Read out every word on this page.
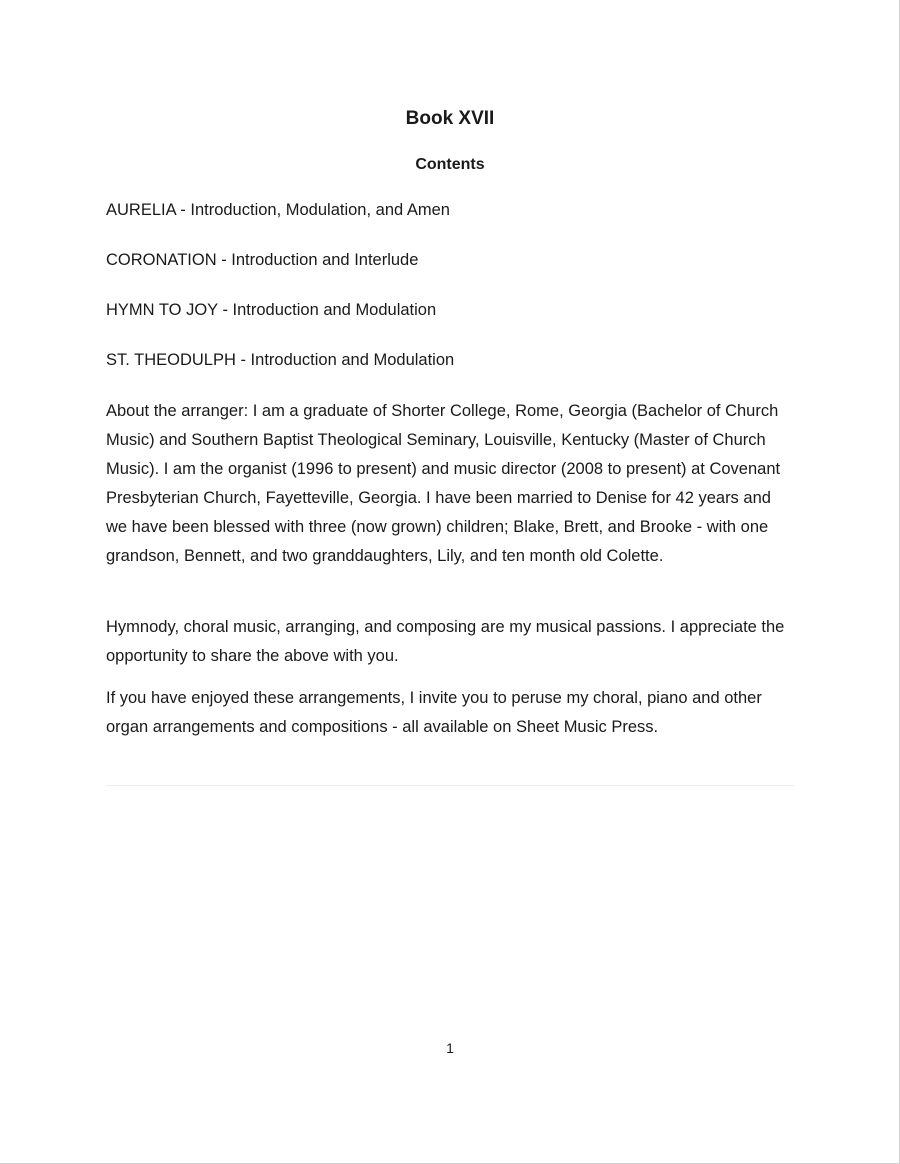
Book XVII
Contents
AURELIA - Introduction, Modulation, and Amen
CORONATION - Introduction and Interlude
HYMN TO JOY - Introduction and Modulation
ST. THEODULPH - Introduction and Modulation

About the arranger: I am a graduate of Shorter College, Rome, Georgia (Bachelor of Church Music) and Southern Baptist Theological Seminary, Louisville, Kentucky (Master of Church Music). I am the organist (1996 to present) and music director (2008 to present) at Covenant Presbyterian Church, Fayetteville, Georgia. I have been married to Denise for 42 years and we have been blessed with three (now grown) children; Blake, Brett, and Brooke - with one grandson, Bennett, and two granddaughters, Lily, and ten month old Colette.

Hymnody, choral music, arranging, and composing are my musical passions. I appreciate the opportunity to share the above with you.

If you have enjoyed these arrangements, I invite you to peruse my choral, piano and other organ arrangements and compositions - all available on Sheet Music Press.

1
